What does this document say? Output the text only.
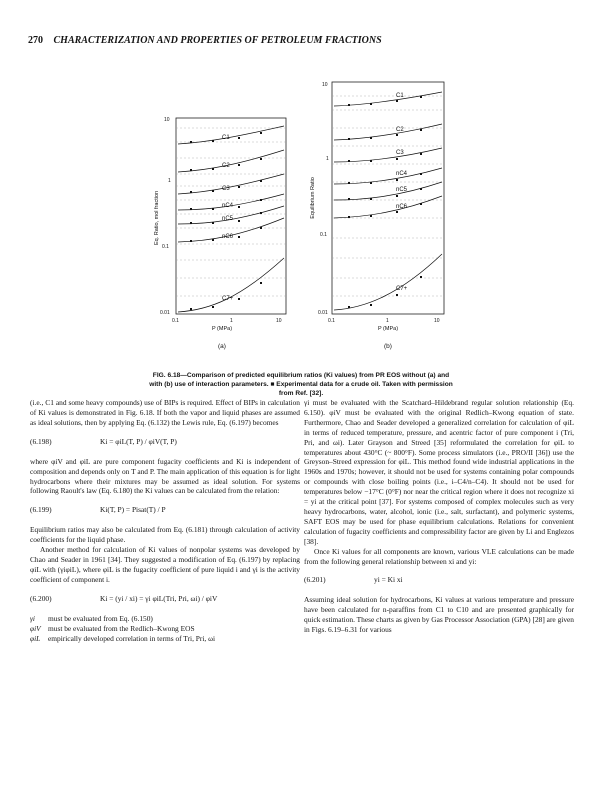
270 CHARACTERIZATION AND PROPERTIES OF PETROLEUM FRACTIONS
C1
C2
C3
nC4
nC5
nC6
C7+
10
1
0.1
0.01
0.1	1	10
P (MPa)
Eq. Ratio, mol fraction
(a)
C1
C2
C3
nC4
nC5
nC6
C7+
10
1
0.1
0.01
0.1	1	10
P (MPa)
Equilibrium Ratio
(b)
FIG. 6.18—Comparison of predicted equilibrium ratios (Ki values) from PR EOS without (a) and with (b) use of interaction parameters. ■ Experimental data for a crude oil. Taken with permission from Ref. [32].

(i.e., C1 and some heavy compounds) use of BIPs is required. Effect of BIPs in calculation of Ki values is demonstrated in Fig. 6.18. If both the vapor and liquid phases are assumed as ideal solutions, then by applying Eq. (6.132) the Lewis rule, Eq. (6.197) becomes

(6.198)	Ki = φiL(T, P) / φiV(T, P)

where φiV and φiL are pure component fugacity coefficients and Ki is independent of composition and depends only on T and P. The main application of this equation is for light hydrocarbons where their mixtures may be assumed as ideal solution. For systems following Raoult's law (Eq. 6.180) the Ki values can be calculated from the relation:

(6.199)	Ki(T, P) = Pisat(T) / P

Equilibrium ratios may also be calculated from Eq. (6.181) through calculation of activity coefficients for the liquid phase.

Another method for calculation of Ki values of nonpolar systems was developed by Chao and Seader in 1961 [34]. They suggested a modification of Eq. (6.197) by replacing φiL with (γiφiL), where φiL is the fugacity coefficient of pure liquid i and γi is the activity coefficient of component i.

(6.200)	Ki = (yi / xi) = γi φiL(Tri, Pri, ωi) / φiV
γi must be evaluated from Eq. (6.150)
φiV must be evaluated from the Redlich–Kwong EOS
φiL empirically developed correlation in terms of Tri, Pri, ωi

γi must be evaluated with the Scatchard–Hildebrand regular solution relationship (Eq. 6.150). φiV must be evaluated with the original Redlich–Kwong equation of state. Furthermore, Chao and Seader developed a generalized correlation for calculation of φiL in terms of reduced temperature, pressure, and acentric factor of pure component i (Tri, Pri, and ωi). Later Grayson and Streed [35] reformulated the correlation for φiL to temperatures about 430°C (~ 800°F). Some process simulators (i.e., PRO/II [36]) use the Greyson–Streed expression for φiL. This method found wide industrial applications in the 1960s and 1970s; however, it should not be used for systems containing polar compounds or compounds with close boiling points (i.e., i–C4/n–C4). It should not be used for temperatures below −17°C (0°F) nor near the critical region where it does not recognize xi = yi at the critical point [37]. For systems composed of complex molecules such as very heavy hydrocarbons, water, alcohol, ionic (i.e., salt, surfactant), and polymeric systems, SAFT EOS may be used for phase equilibrium calculations. Relations for convenient calculation of fugacity coefficients and compressibility factor are given by Li and Englezos [38].

Once Ki values for all components are known, various VLE calculations can be made from the following general relationship between xi and yi:

(6.201)	yi = Ki xi

Assuming ideal solution for hydrocarbons, Ki values at various temperature and pressure have been calculated for n-paraffins from C1 to C10 and are presented graphically for quick estimation. These charts as given by Gas Processor Association (GPA) [28] are given in Figs. 6.19–6.31 for various
